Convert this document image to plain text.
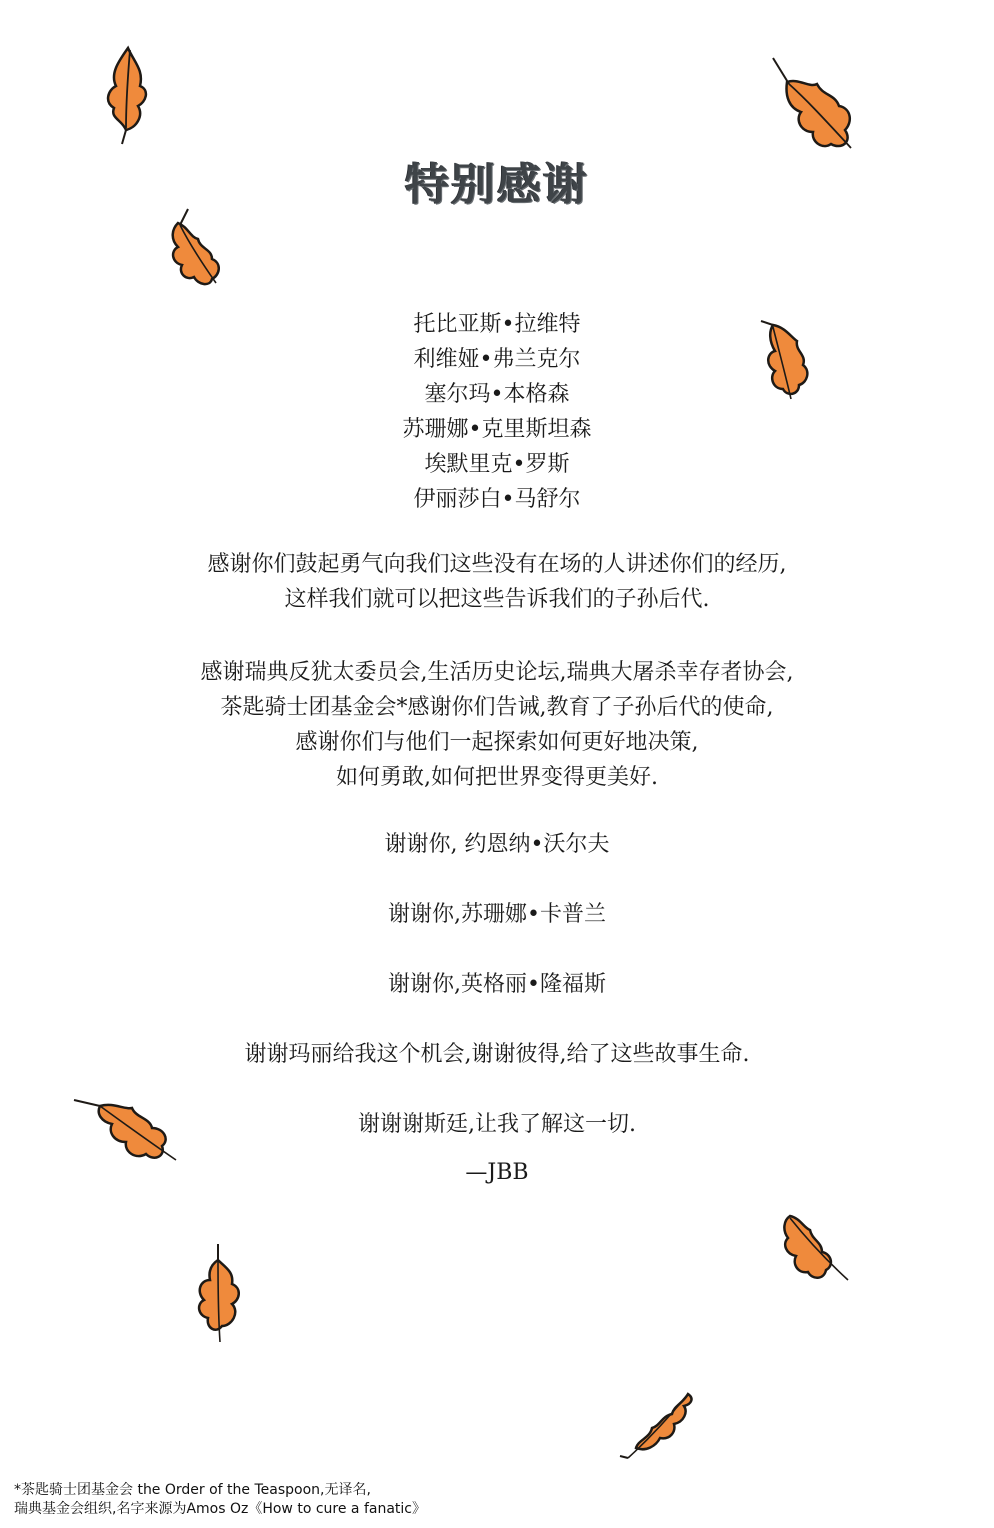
特别感谢
托比亚斯•拉维特
利维娅•弗兰克尔
塞尔玛•本格森
苏珊娜•克里斯坦森
埃默里克•罗斯
伊丽莎白•马舒尔
感谢你们鼓起勇气向我们这些没有在场的人讲述你们的经历,
这样我们就可以把这些告诉我们的子孙后代.
感谢瑞典反犹太委员会,生活历史论坛,瑞典大屠杀幸存者协会,
茶匙骑士团基金会*感谢你们告诫,教育了子孙后代的使命,
感谢你们与他们一起探索如何更好地决策,
如何勇敢,如何把世界变得更美好.
谢谢你, 约恩纳•沃尔夫
谢谢你,苏珊娜•卡普兰
谢谢你,英格丽•隆福斯
谢谢玛丽给我这个机会,谢谢彼得,给了这些故事生命.
谢谢谢斯廷,让我了解这一切.
—JBB
*茶匙骑士团基金会 the Order of the Teaspoon,无译名,
瑞典基金会组织,名字来源为Amos Oz《How to cure a fanatic》
